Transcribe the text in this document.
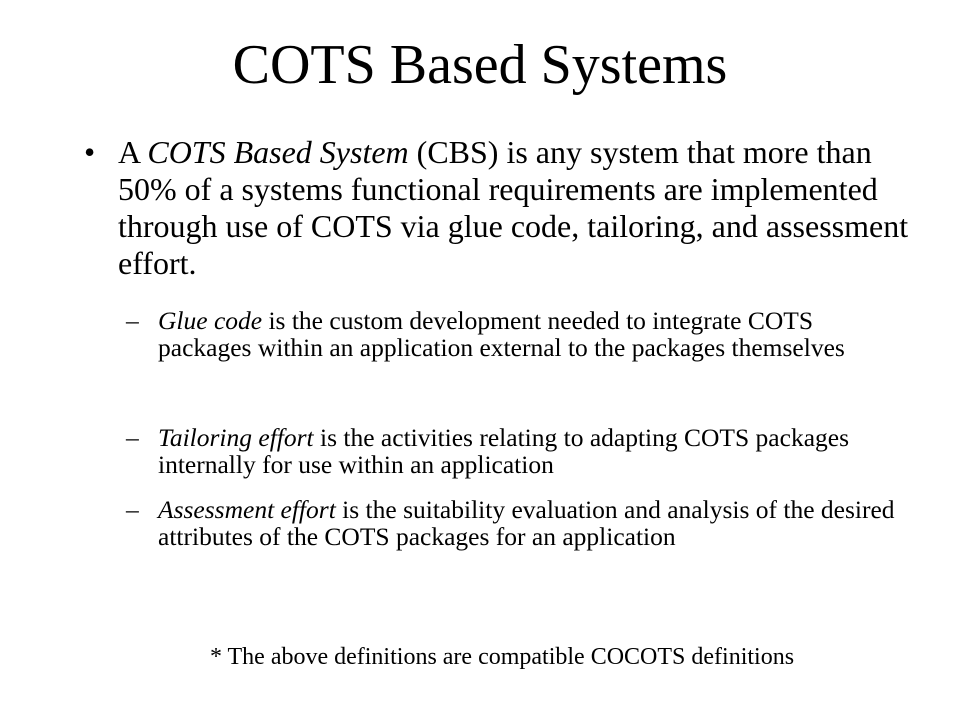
COTS Based Systems
• A COTS Based System (CBS) is any system that more than 50% of a systems functional requirements are implemented through use of COTS via glue code, tailoring, and assessment effort.
– Glue code is the custom development needed to integrate COTS packages within an application external to the packages themselves
– Tailoring effort is the activities relating to adapting COTS packages internally for use within an application
– Assessment effort is the suitability evaluation and analysis of the desired attributes of the COTS packages for an application
* The above definitions are compatible COCOTS definitions
